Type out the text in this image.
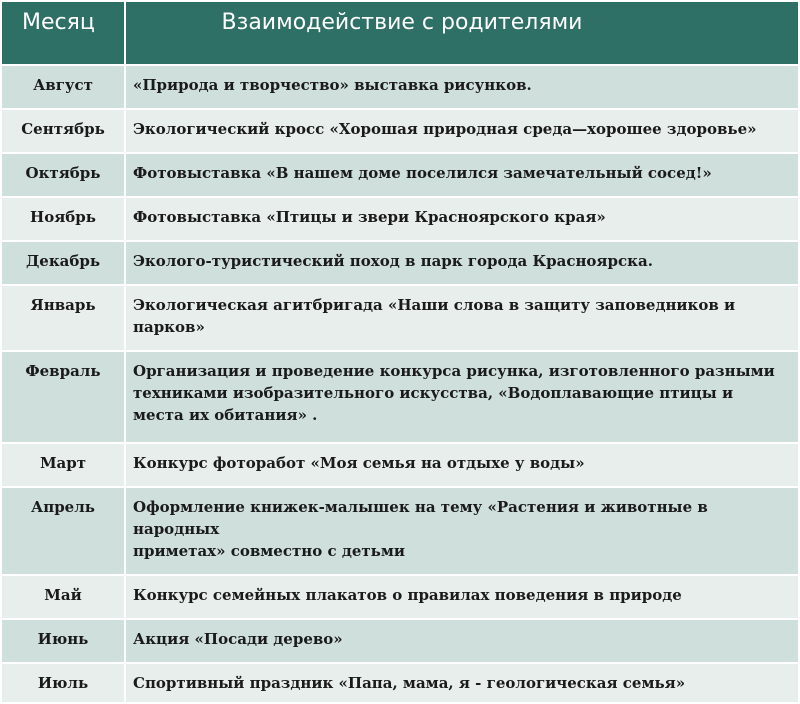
Месяц	Взаимодействие с родителями
Август	«Природа и творчество» выставка рисунков.

Сентябрь	Экологический кросс «Хорошая природная среда—хорошее здоровье»

Октябрь	Фотовыставка «В нашем доме поселился замечательный сосед!»

Ноябрь	Фотовыставка «Птицы и звери Красноярского края»

Декабрь	Эколого-туристический поход в парк города Красноярска.

Январь	Экологическая агитбригада «Наши слова в защиту заповедников и
парков»

Февраль	Организация и проведение конкурса рисунка, изготовленного разными
техниками изобразительного искусства, «Водоплавающие птицы и
места их обитания» .

Март	Конкурс фоторабот «Моя семья на отдыхе у воды»

Апрель	Оформление книжек-малышек на тему «Растения и животные в
народных
приметах» совместно с детьми

Май	Конкурс семейных плакатов о правилах поведения в природе

Июнь	Акция «Посади дерево»

Июль	Спортивный праздник «Папа, мама, я - геологическая семья»
